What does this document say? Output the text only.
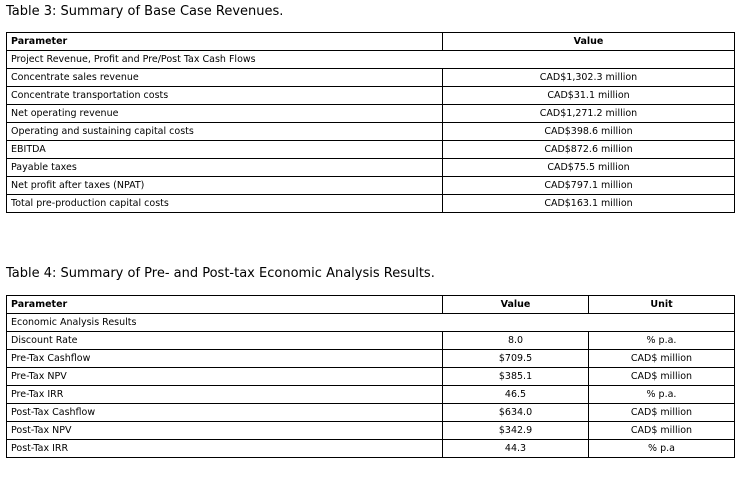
Table 3: Summary of Base Case Revenues.
Parameter	Value
Project Revenue, Profit and Pre/Post Tax Cash Flows	
Concentrate sales revenue	CAD$1,302.3 million
Concentrate transportation costs	CAD$31.1 million
Net operating revenue	CAD$1,271.2 million
Operating and sustaining capital costs	CAD$398.6 million
EBITDA	CAD$872.6 million
Payable taxes	CAD$75.5 million
Net profit after taxes (NPAT)	CAD$797.1 million
Total pre-production capital costs	CAD$163.1 million
Table 4: Summary of Pre- and Post-tax Economic Analysis Results.
Parameter	Value	Unit
Economic Analysis Results		
Discount Rate	8.0	% p.a.
Pre-Tax Cashflow	$709.5	CAD$ million
Pre-Tax NPV	$385.1	CAD$ million
Pre-Tax IRR	46.5	% p.a.
Post-Tax Cashflow	$634.0	CAD$ million
Post-Tax NPV	$342.9	CAD$ million
Post-Tax IRR	44.3	% p.a
